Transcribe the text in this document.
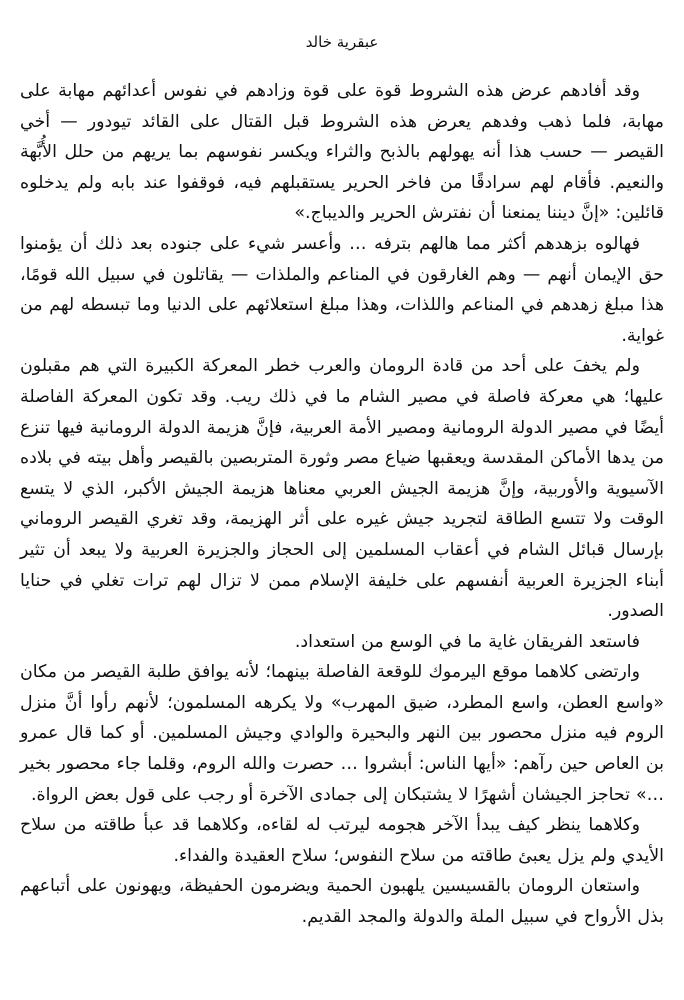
عبقرية خالد

وقد أفادهم عرض هذه الشروط قوة على قوة وزادهم في نفوس أعدائهم مهابة على مهابة، فلما ذهب وفدهم يعرض هذه الشروط قبل القتال على القائد تيودور — أخي القيصر — حسب هذا أنه يهولهم بالذبح والثراء ويكسر نفوسهم بما يريهم من حلل الأُبَّهة والنعيم. فأقام لهم سرادقًا من فاخر الحرير يستقبلهم فيه، فوقفوا عند بابه ولم يدخلوه قائلين: «إنَّ ديننا يمنعنا أن نفترش الحرير والديباج.»

فهالوه بزهدهم أكثر مما هالهم بترفه … وأعسر شيء على جنوده بعد ذلك أن يؤمنوا حق الإيمان أنهم — وهم الغارقون في المناعم والملذات — يقاتلون في سبيل الله قومًا، هذا مبلغ زهدهم في المناعم واللذات، وهذا مبلغ استعلائهم على الدنيا وما تبسطه لهم من غواية.

ولم يخفَ على أحد من قادة الرومان والعرب خطر المعركة الكبيرة التي هم مقبلون عليها؛ هي معركة فاصلة في مصير الشام ما في ذلك ريب. وقد تكون المعركة الفاصلة أيضًا في مصير الدولة الرومانية ومصير الأمة العربية، فإنَّ هزيمة الدولة الرومانية فيها تنزع من يدها الأماكن المقدسة ويعقبها ضياع مصر وثورة المتربصين بالقيصر وأهل بيته في بلاده الآسيوية والأوربية، وإنَّ هزيمة الجيش العربي معناها هزيمة الجيش الأكبر، الذي لا يتسع الوقت ولا تتسع الطاقة لتجريد جيش غيره على أثر الهزيمة، وقد تغري القيصر الروماني بإرسال قبائل الشام في أعقاب المسلمين إلى الحجاز والجزيرة العربية ولا يبعد أن تثير أبناء الجزيرة العربية أنفسهم على خليفة الإسلام ممن لا تزال لهم ترات تغلي في حنايا الصدور.

فاستعد الفريقان غاية ما في الوسع من استعداد.

وارتضى كلاهما موقع اليرموك للوقعة الفاصلة بينهما؛ لأنه يوافق طلبة القيصر من مكان «واسع العطن، واسع المطرد، ضيق المهرب» ولا يكرهه المسلمون؛ لأنهم رأوا أنَّ منزل الروم فيه منزل محصور بين النهر والبحيرة والوادي وجيش المسلمين. أو كما قال عمرو بن العاص حين رآهم: «أيها الناس: أبشروا … حصرت والله الروم، وقلما جاء محصور بخير …» تحاجز الجيشان أشهرًا لا يشتبكان إلى جمادى الآخرة أو رجب على قول بعض الرواة.

وكلاهما ينظر كيف يبدأ الآخر هجومه ليرتب له لقاءه، وكلاهما قد عبأ طاقته من سلاح الأيدي ولم يزل يعبئ طاقته من سلاح النفوس؛ سلاح العقيدة والفداء.

واستعان الرومان بالقسيسين يلهبون الحمية ويضرمون الحفيظة، ويهونون على أتباعهم بذل الأرواح في سبيل الملة والدولة والمجد القديم.
